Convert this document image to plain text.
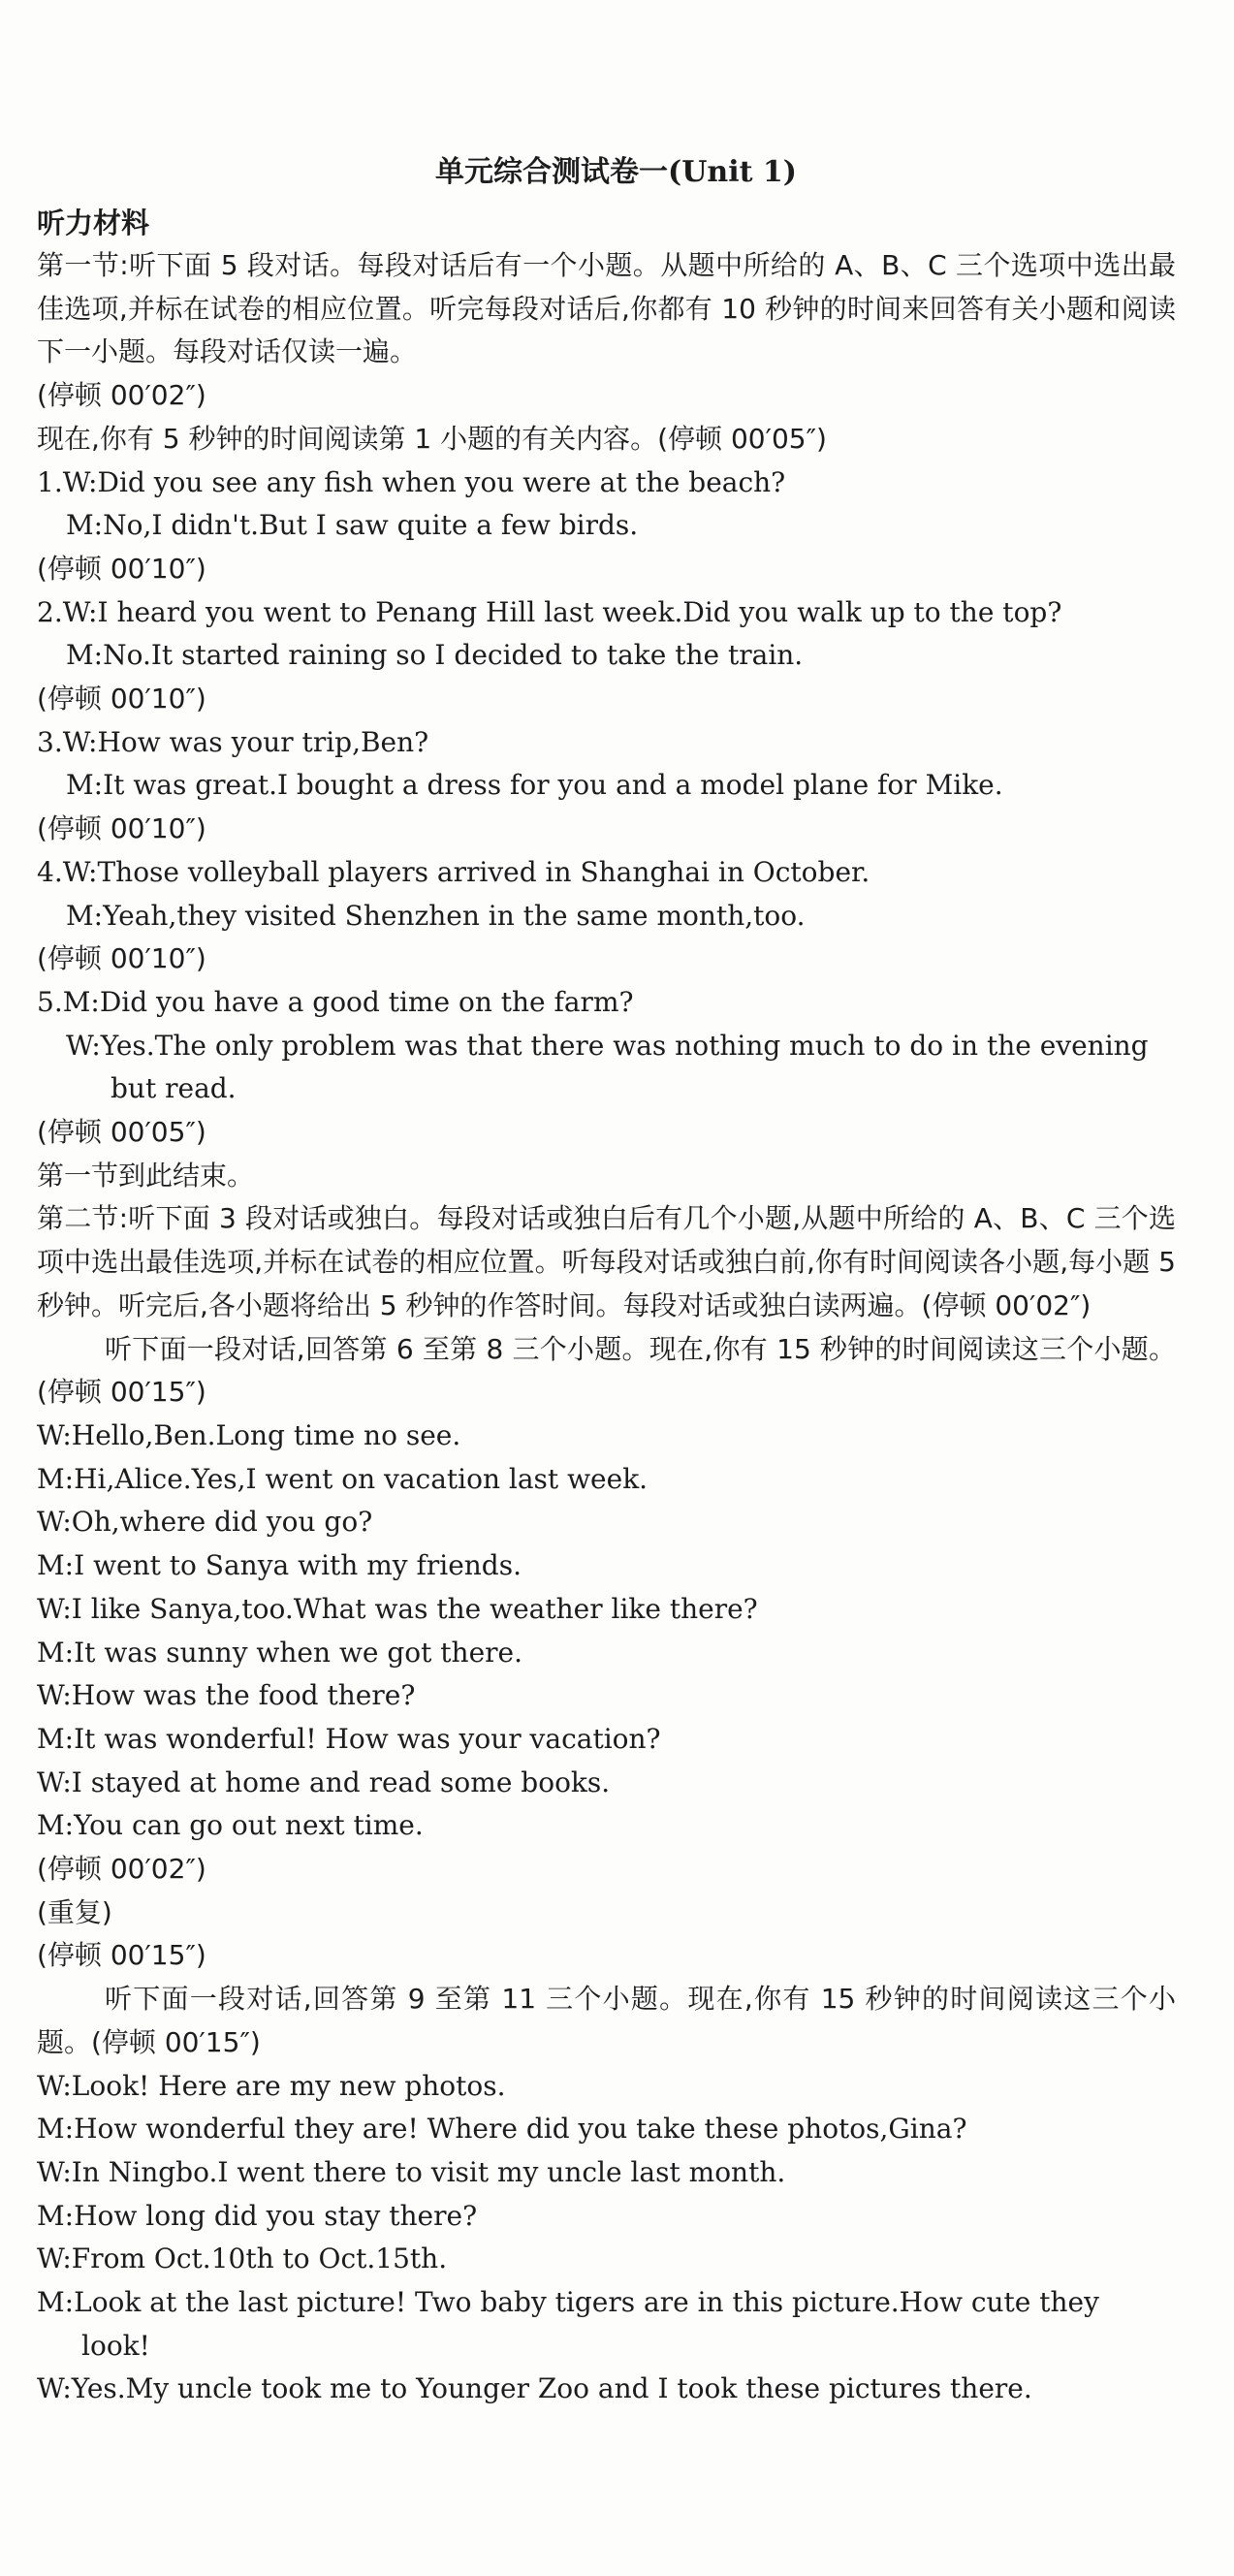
单元综合测试卷一(Unit 1)
听力材料
第一节:听下面 5 段对话。每段对话后有一个小题。从题中所给的 A、B、C 三个选项中选出最佳选项,并标在试卷的相应位置。听完每段对话后,你都有 10 秒钟的时间来回答有关小题和阅读下一小题。每段对话仅读一遍。
(停顿 00′02″)
现在,你有 5 秒钟的时间阅读第 1 小题的有关内容。(停顿 00′05″)
1.W:Did you see any fish when you were at the beach?
M:No,I didn't.But I saw quite a few birds.
(停顿 00′10″)
2.W:I heard you went to Penang Hill last week.Did you walk up to the top?
M:No.It started raining so I decided to take the train.
(停顿 00′10″)
3.W:How was your trip,Ben?
M:It was great.I bought a dress for you and a model plane for Mike.
(停顿 00′10″)
4.W:Those volleyball players arrived in Shanghai in October.
M:Yeah,they visited Shenzhen in the same month,too.
(停顿 00′10″)
5.M:Did you have a good time on the farm?
W:Yes.The only problem was that there was nothing much to do in the evening but read.
(停顿 00′05″)
第一节到此结束。
第二节:听下面 3 段对话或独白。每段对话或独白后有几个小题,从题中所给的 A、B、C 三个选项中选出最佳选项,并标在试卷的相应位置。听每段对话或独白前,你有时间阅读各小题,每小题 5 秒钟。听完后,各小题将给出 5 秒钟的作答时间。每段对话或独白读两遍。(停顿 00′02″)
听下面一段对话,回答第 6 至第 8 三个小题。现在,你有 15 秒钟的时间阅读这三个小题。(停顿 00′15″)
W:Hello,Ben.Long time no see.
M:Hi,Alice.Yes,I went on vacation last week.
W:Oh,where did you go?
M:I went to Sanya with my friends.
W:I like Sanya,too.What was the weather like there?
M:It was sunny when we got there.
W:How was the food there?
M:It was wonderful! How was your vacation?
W:I stayed at home and read some books.
M:You can go out next time.
(停顿 00′02″)
(重复)
(停顿 00′15″)
听下面一段对话,回答第 9 至第 11 三个小题。现在,你有 15 秒钟的时间阅读这三个小题。(停顿 00′15″)
W:Look! Here are my new photos.
M:How wonderful they are! Where did you take these photos,Gina?
W:In Ningbo.I went there to visit my uncle last month.
M:How long did you stay there?
W:From Oct.10th to Oct.15th.
M:Look at the last picture! Two baby tigers are in this picture.How cute they look!
W:Yes.My uncle took me to Younger Zoo and I took these pictures there.
